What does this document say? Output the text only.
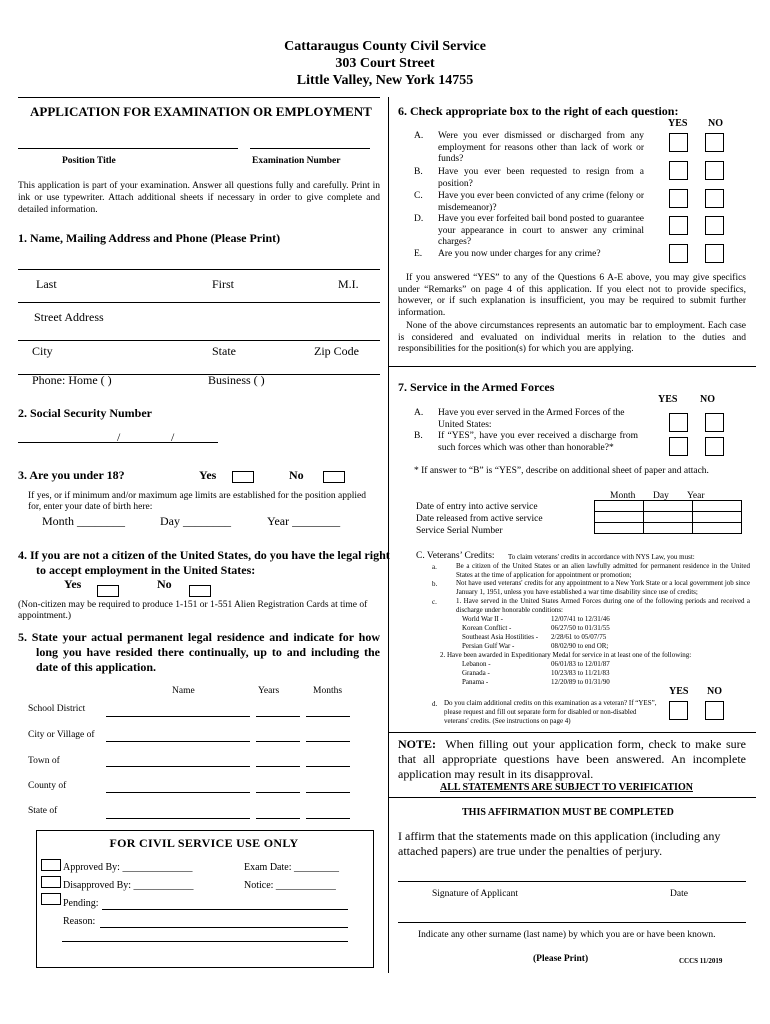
Cattaraugus County Civil Service
303 Court Street
Little Valley, New York 14755
APPLICATION FOR EXAMINATION OR EMPLOYMENT
Position Title	Examination Number
This application is part of your examination. Answer all questions fully and carefully. Print in ink or use typewriter. Attach additional sheets if necessary in order to give complete and detailed information.
1. Name, Mailing Address and Phone (Please Print)
Last	First	M.I.
Street Address
City	State	Zip Code
Phone: Home ( )	Business ( )
2. Social Security Number
/	/
3. Are you under 18?	Yes	No
If yes, or if minimum and/or maximum age limits are established for the position applied for, enter your date of birth here:
Month ________	Day ________	Year ________
4. If you are not a citizen of the United States, do you have the legal right to accept employment in the United States:
Yes	No
(Non-citizen may be required to produce 1-151 or 1-551 Alien Registration Cards at time of appointment.)
5. State your actual permanent legal residence and indicate for how long you have resided there continually, up to and including the date of this application.
Name	Years	Months
School District
City or Village of
Town of
County of
State of
FOR CIVIL SERVICE USE ONLY
Approved By: ______________	Exam Date: _________
Disapproved By: ____________	Notice: ____________
Pending:
Reason:
6. Check appropriate box to the right of each question:
YES NO
A. Were you ever dismissed or discharged from any employment for reasons other than lack of work or funds?
B. Have you ever been requested to resign from a position?
C. Have you ever been convicted of any crime (felony or misdemeanor)?
D. Have you ever forfeited bail bond posted to guarantee your appearance in court to answer any criminal charges?
E. Are you now under charges for any crime?
If you answered “YES” to any of the Questions 6 A-E above, you may give specifics under “Remarks” on page 4 of this application. If you elect not to provide specifics, however, or if such explanation is insufficient, you may be required to submit further information.
None of the above circumstances represents an automatic bar to employment. Each case is considered and evaluated on individual merits in relation to the duties and responsibilities for the position(s) for which you are applying.
7. Service in the Armed Forces
YES NO
A. Have you ever served in the Armed Forces of the United States:
B. If “YES”, have you ever received a discharge from such forces which was other than honorable?*
* If answer to “B” is “YES”, describe on additional sheet of paper and attach.
Month Day Year
Date of entry into active service
Date released from active service
Service Serial Number

C. Veterans’ Credits: To claim veterans' credits in accordance with NYS Law, you must:
a.	Be a citizen of the United States or an alien lawfully admitted for permanent residence in the United States at the time of application for appointment or promotion;
b.	Not have used veterans' credits for any appointment to a New York State or a local government job since January 1, 1951, unless you have established a war time disability since use of credits;
c.	1. Have served in the United States Armed Forces during one of the following periods and received a discharge under honorable conditions:
World War II -	12/07/41 to 12/31/46
Korean Conflict -	06/27/50 to 01/31/55
Southeast Asia Hostilities - 2/28/61 to 05/07/75
Persian Gulf War -	08/02/90 to end OR;
2. Have been awarded in Expeditionary Medal for service in at least one of the following:
Lebanon -	06/01/83 to 12/01/87
Granada -	10/23/83 to 11/21/83
Panama -	12/20/89 to 01/31/90
YES NO
d. Do you claim additional credits on this examination as a veteran? If “YES”, please request and fill out separate form for disabled or non-disabled veterans' credits. (See instructions on page 4)
NOTE: When filling out your application form, check to make sure that all appropriate questions have been answered. An incomplete application may result in its disapproval.
ALL STATEMENTS ARE SUBJECT TO VERIFICATION
THIS AFFIRMATION MUST BE COMPLETED
I affirm that the statements made on this application (including any attached papers) are true under the penalties of perjury.
Signature of Applicant	Date
Indicate any other surname (last name) by which you are or have been known.
(Please Print)	CCCS 11/2019
